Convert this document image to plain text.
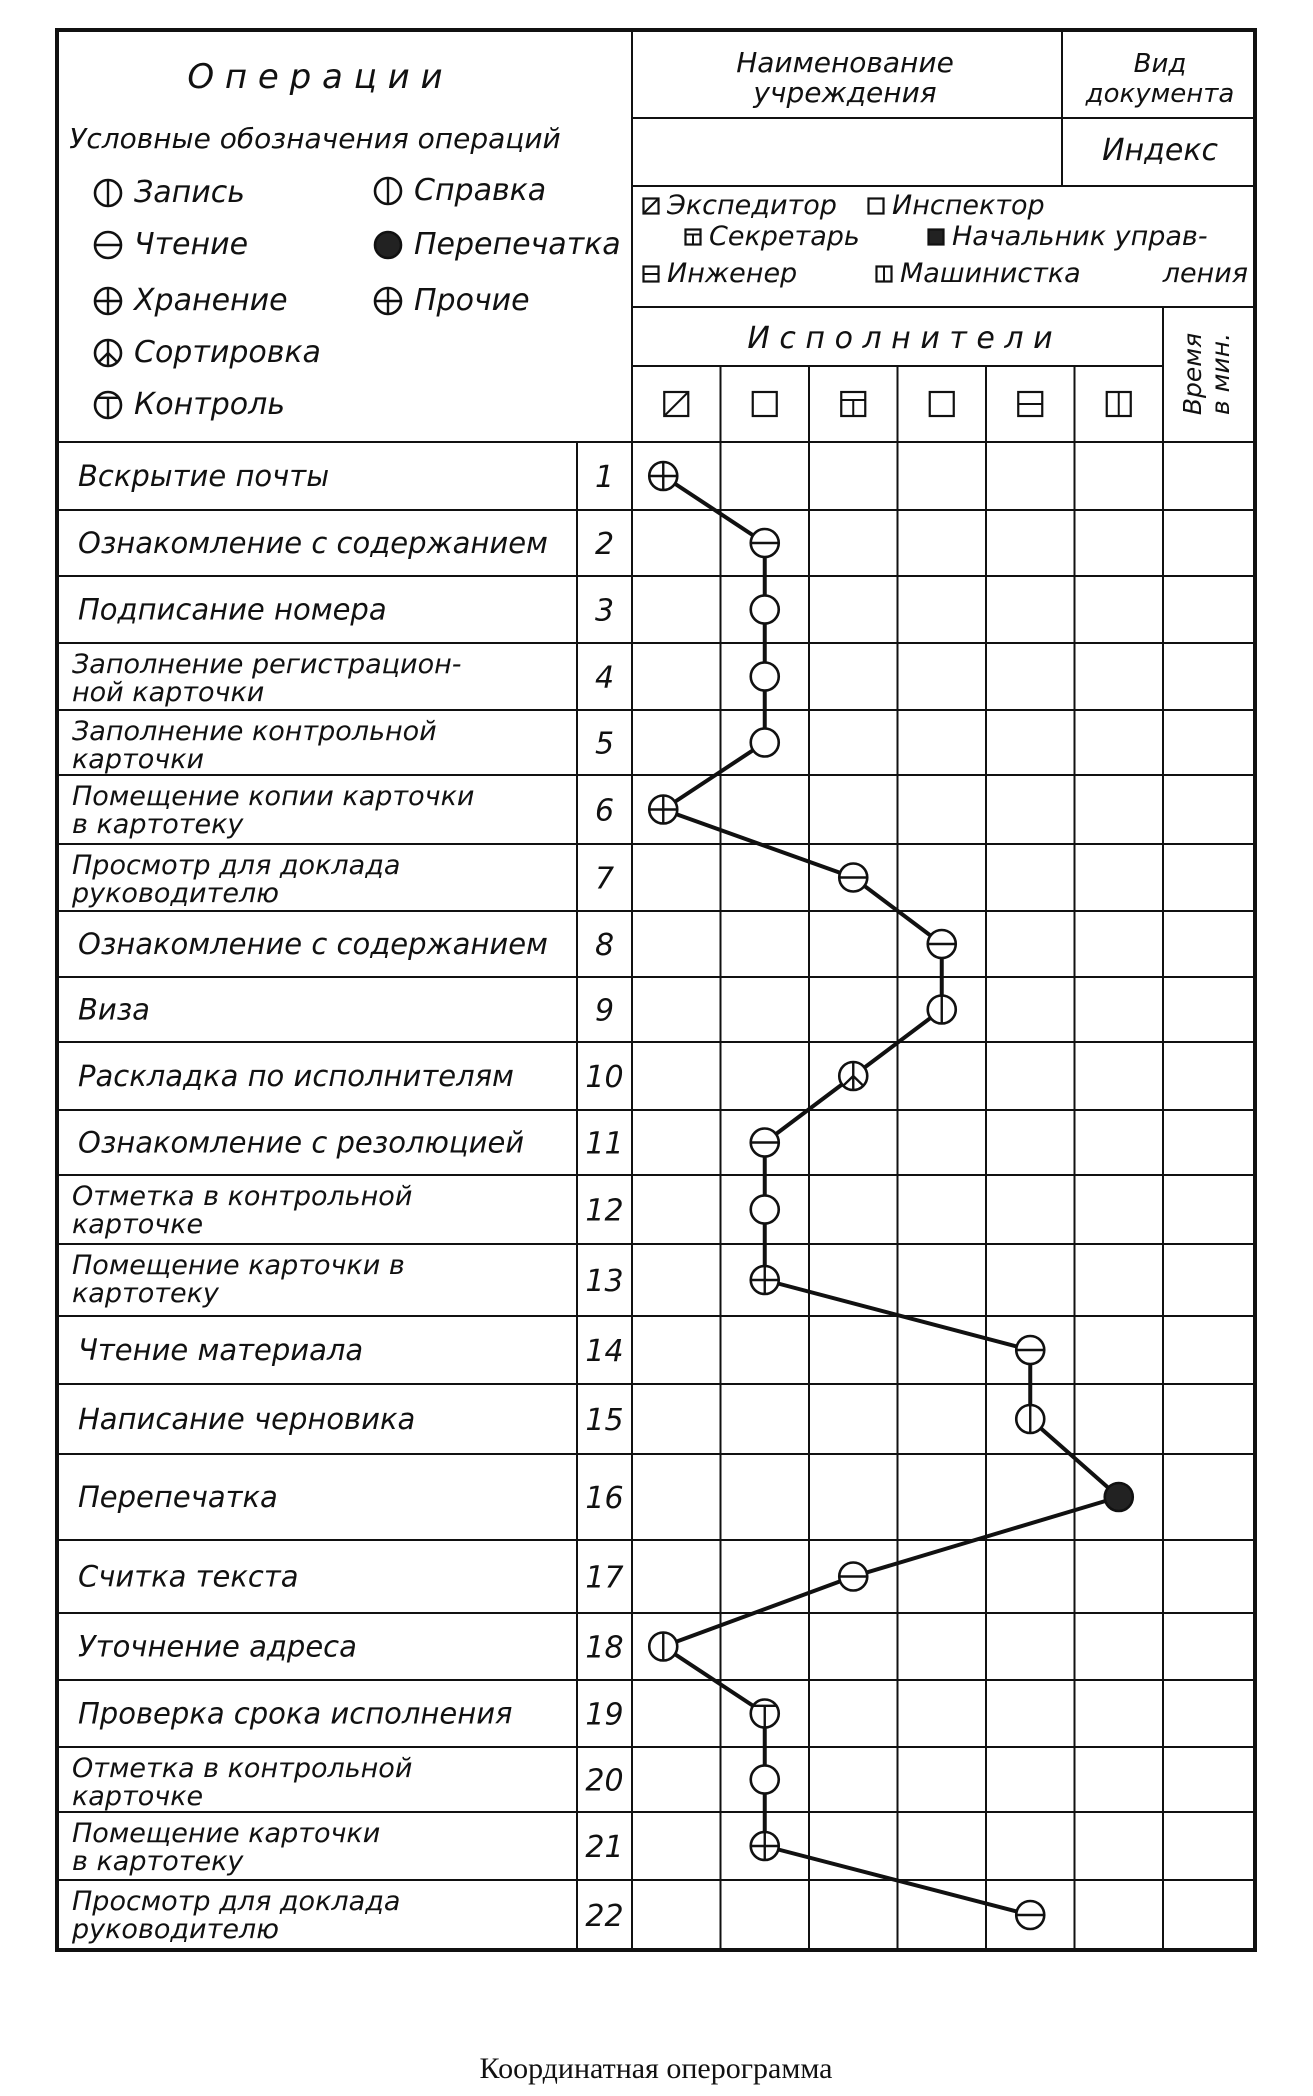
О п е р а ц и и	Наименование
учреждения
Вид
документа
Индекс
Условные обозначения операций
Запись	Справка
Чтение	Перепечатка
Хранение	Прочие
Сортировка
Контроль
Экспедитор Инспектор
Секретарь	Начальник управ-
Инженер	Машинистка	ления
И с п о л н и т е л и	Время в мин.
Вскрытие почты	1
Ознакомление с содержанием 2
Подписание номера	3
Заполнение регистрацион-
ной карточки	4
Заполнение контрольной
карточки	5
Помещение копии карточки
в картотеку	6
Просмотр для доклада
руководителю	7
Ознакомление с содержанием 8
Виза	9
Раскладка по исполнителям 10
Ознакомление с резолюцией 11
Отметка в контрольной
карточке	12
Помещение карточки в
картотеку	13
Чтение материала	14
Написание черновика	15
Перепечатка	16
Считка текста	17
Уточнение адреса	18
Проверка срока исполнения 19
Отметка в контрольной
карточке	20
Помещение карточки
в картотеку	21
Просмотр для доклада
руководителю	22
Координатная оперограмма
